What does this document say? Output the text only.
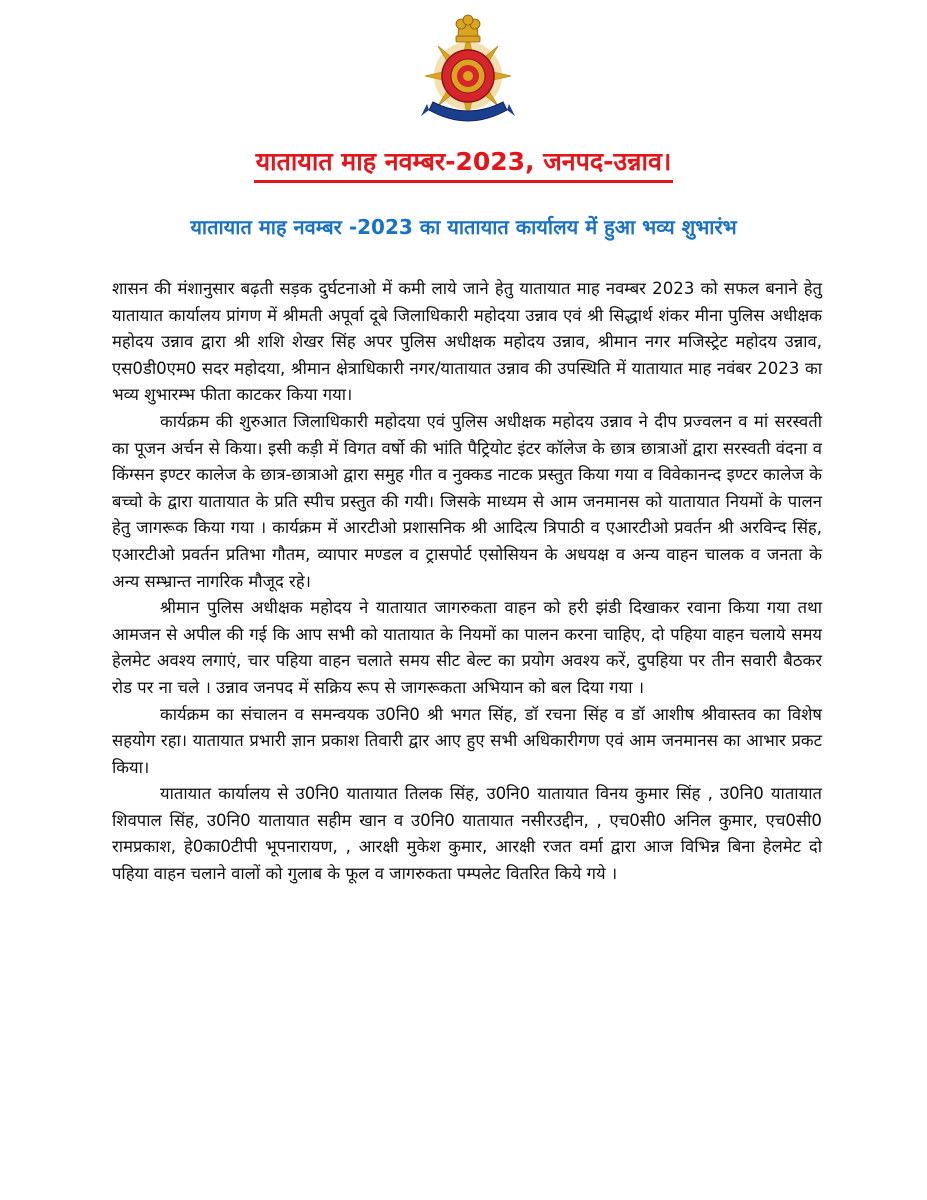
यातायात माह नवम्बर-2023, जनपद-उन्नाव।
यातायात माह नवम्बर -2023 का यातायात कार्यालय में हुआ भव्य शुभारंभ

शासन की मंशानुसार बढ़ती सड़क दुर्घटनाओ में कमी लाये जाने हेतु यातायात माह नवम्बर 2023 को सफल बनाने हेतु यातायात कार्यालय प्रांगण में श्रीमती अपूर्वा दूबे जिलाधिकारी महोदया उन्नाव एवं श्री सिद्धार्थ शंकर मीना पुलिस अधीक्षक महोदय उन्नाव द्वारा श्री शशि शेखर सिंह अपर पुलिस अधीक्षक महोदय उन्नाव, श्रीमान नगर मजिस्ट्रेट महोदय उन्नाव, एस0डी0एम0 सदर महोदया, श्रीमान क्षेत्राधिकारी नगर/यातायात उन्नाव की उपस्थिति में यातायात माह नवंबर 2023 का भव्य शुभारम्भ फीता काटकर किया गया।

कार्यक्रम की शुरुआत जिलाधिकारी महोदया एवं पुलिस अधीक्षक महोदय उन्नाव ने दीप प्रज्वलन व मां सरस्वती का पूजन अर्चन से किया। इसी कड़ी में विगत वर्षो की भांति पैट्रियोट इंटर कॉलेज के छात्र छात्राओं द्वारा सरस्वती वंदना व किंग्सन इण्टर कालेज के छात्र-छात्राओ द्वारा समुह गीत व नुक्कड नाटक प्रस्तुत किया गया व विवेकानन्द इण्टर कालेज के बच्चो के द्वारा यातायात के प्रति स्पीच प्रस्तुत की गयी। जिसके माध्यम से आम जनमानस को यातायात नियमों के पालन हेतु जागरूक किया गया । कार्यक्रम में आरटीओ प्रशासनिक श्री आदित्य त्रिपाठी व एआरटीओ प्रवर्तन श्री अरविन्द सिंह, एआरटीओ प्रवर्तन प्रतिभा गौतम, व्यापार मण्डल व ट्रासपोर्ट एसोसियन के अधयक्ष व अन्य वाहन चालक व जनता के अन्य सम्भ्रान्त नागरिक मौजूद रहे।

श्रीमान पुलिस अधीक्षक महोदय ने यातायात जागरुकता वाहन को हरी झंडी दिखाकर रवाना किया गया तथा आमजन से अपील की गई कि आप सभी को यातायात के नियमों का पालन करना चाहिए, दो पहिया वाहन चलाये समय हेलमेट अवश्य लगाएं, चार पहिया वाहन चलाते समय सीट बेल्ट का प्रयोग अवश्य करें, दुपहिया पर तीन सवारी बैठकर रोड पर ना चले । उन्नाव जनपद में सक्रिय रूप से जागरूकता अभियान को बल दिया गया ।

कार्यक्रम का संचालन व समन्वयक उ0नि0 श्री भगत सिंह, डॉ रचना सिंह व डॉ आशीष श्रीवास्तव का विशेष सहयोग रहा। यातायात प्रभारी ज्ञान प्रकाश तिवारी द्वार आए हुए सभी अधिकारीगण एवं आम जनमानस का आभार प्रकट किया।

यातायात कार्यालय से उ0नि0 यातायात तिलक सिंह, उ0नि0 यातायात विनय कुमार सिंह , उ0नि0 यातायात शिवपाल सिंह, उ0नि0 यातायात सहीम खान व उ0नि0 यातायात नसीरउद्दीन, , एच0सी0 अनिल कुमार, एच0सी0 रामप्रकाश, हे0का0टीपी भूपनारायण, , आरक्षी मुकेश कुमार, आरक्षी रजत वर्मा द्वारा आज विभिन्न बिना हेलमेट दो पहिया वाहन चलाने वालों को गुलाब के फूल व जागरुकता पम्पलेट वितरित किये गये ।
